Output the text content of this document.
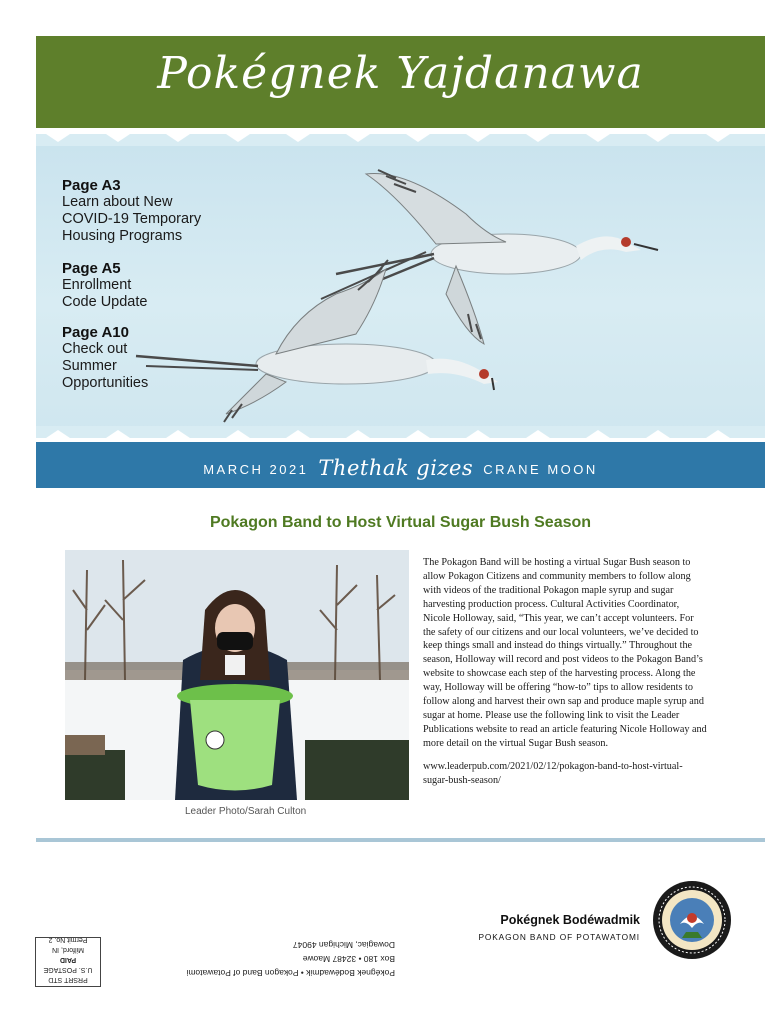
Pokégnek Yajdanawa
MARCH 2021 Thethak gizes CRANE MOON
Page A3
Learn about New
COVID-19 Temporary
Housing Programs
Page A5
Enrollment
Code Update
Page A10
Check out
Summer
Opportunities
Pokagon Band to Host Virtual Sugar Bush Season
Leader Photo/Sarah Culton
The Pokagon Band will be hosting a virtual Sugar Bush season to allow Pokagon Citizens and community members to follow along with videos of the traditional Pokagon maple syrup and sugar harvesting production process. Cultural Activities Coordinator, Nicole Holloway, said, “This year, we can’t accept volunteers. For the safety of our citizens and our local volunteers, we’ve decided to keep things small and instead do things virtually.” Throughout the season, Holloway will record and post videos to the Pokagon Band’s website to showcase each step of the harvesting process. Along the way, Holloway will be offering “how-to” tips to allow residents to follow along and harvest their own sap and produce maple syrup and sugar at home. Please use the following link to visit the Leader Publications website to read an article featuring Nicole Holloway and more detail on the virtual Sugar Bush season.
www.leaderpub.com/2021/02/12/pokagon-band-to-host-virtual-sugar-bush-season/
Pokégnek Bodéwadmik
POKAGON BAND OF POTAWATOMI
Pokégnek Bodéwadmik • Pokagon Band of Potawatomi
Box 180 • 32487 Maowe
Dowagiac, Michigan 49047
PRSRT STD
U.S. POSTAGE
PAID
Milford, IN
Permit No. 2
